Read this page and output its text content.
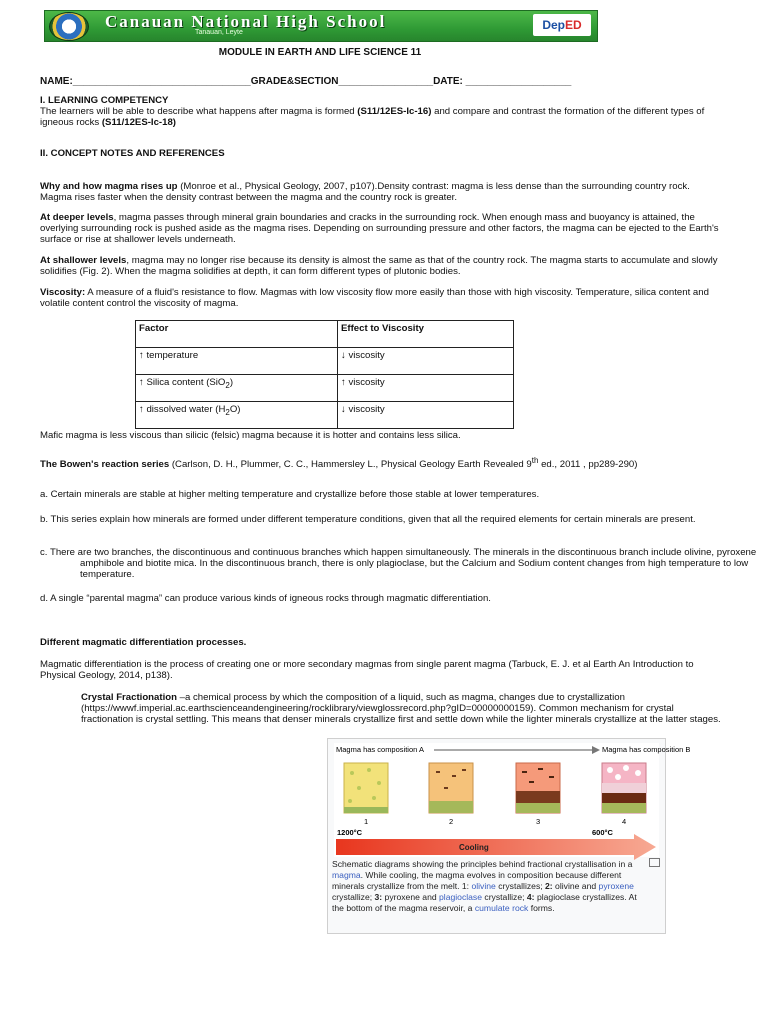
Canauan National High School
Tanauan, Leyte
DepED
MODULE IN EARTH AND LIFE SCIENCE 11
NAME:________________________________GRADE&SECTION_________________DATE: ___________________
I. LEARNING COMPETENCY
The learners will be able to describe what happens after magma is formed (S11/12ES-Ic-16) and compare and contrast the formation of the different types of igneous rocks (S11/12ES-Ic-18)
II. CONCEPT NOTES AND REFERENCES
Why and how magma rises up (Monroe et al., Physical Geology, 2007, p107).Density contrast: magma is less dense than the surrounding country rock. Magma rises faster when the density contrast between the magma and the country rock is greater.
At deeper levels, magma passes through mineral grain boundaries and cracks in the surrounding rock. When enough mass and buoyancy is attained, the overlying surrounding rock is pushed aside as the magma rises. Depending on surrounding pressure and other factors, the magma can be ejected to the Earth's surface or rise at shallower levels underneath.
At shallower levels, magma may no longer rise because its density is almost the same as that of the country rock. The magma starts to accumulate and slowly solidifies (Fig. 2). When the magma solidifies at depth, it can form different types of plutonic bodies.
Viscosity: A measure of a fluid's resistance to flow. Magmas with low viscosity flow more easily than those with high viscosity. Temperature, silica content and volatile content control the viscosity of magma.
Factor	Effect to Viscosity
↑ temperature	↓ viscosity
↑ Silica content (SiO$_2$)	↑ viscosity
↑ dissolved water $(H_2O)$	↓ viscosity
Mafic magma is less viscous than silicic (felsic) magma because it is hotter and contains less silica.
The Bowen's reaction series (Carlson, D. H., Plummer, C. C., Hammersley L., Physical Geology Earth Revealed 9th ed., 2011 , pp289-290)
a. Certain minerals are stable at higher melting temperature and crystallize before those stable at lower temperatures.
b. This series explain how minerals are formed under different temperature conditions, given that all the required elements for certain minerals are present.
c. There are two branches, the discontinuous and continuous branches which happen simultaneously. The minerals in the discontinuous branch include olivine, pyroxene amphibole and biotite mica. In the discontinuous branch, there is only plagioclase, but the Calcium and Sodium content changes from high temperature to low temperature.
d. A single “parental magma” can produce various kinds of igneous rocks through magmatic differentiation.
Different magmatic differentiation processes.
Magmatic differentiation is the process of creating one or more secondary magmas from single parent magma (Tarbuck, E. J. et al Earth An Introduction to Physical Geology, 2014, p138).
Crystal Fractionation –a chemical process by which the composition of a liquid, such as magma, changes due to crystallization (https://wwwf.imperial.ac.earthscienceandengineering/rocklibrary/viewglossrecord.php?gID=00000000159). Common mechanism for crystal fractionation is crystal settling. This means that denser minerals crystallize first and settle down while the lighter minerals crystallize at the latter stages.
Magma has composition A	Magma has composition B
1	2	3	4
1200°C	600°C
Cooling
Schematic diagrams showing the principles behind fractional crystallisation in a magma. While cooling, the magma evolves in composition because different minerals crystallize from the melt. 1: olivine crystallizes; 2: olivine and pyroxene crystallize; 3: pyroxene and plagioclase crystallize; 4: plagioclase crystallizes. At the bottom of the magma reservoir, a cumulate rock forms.
